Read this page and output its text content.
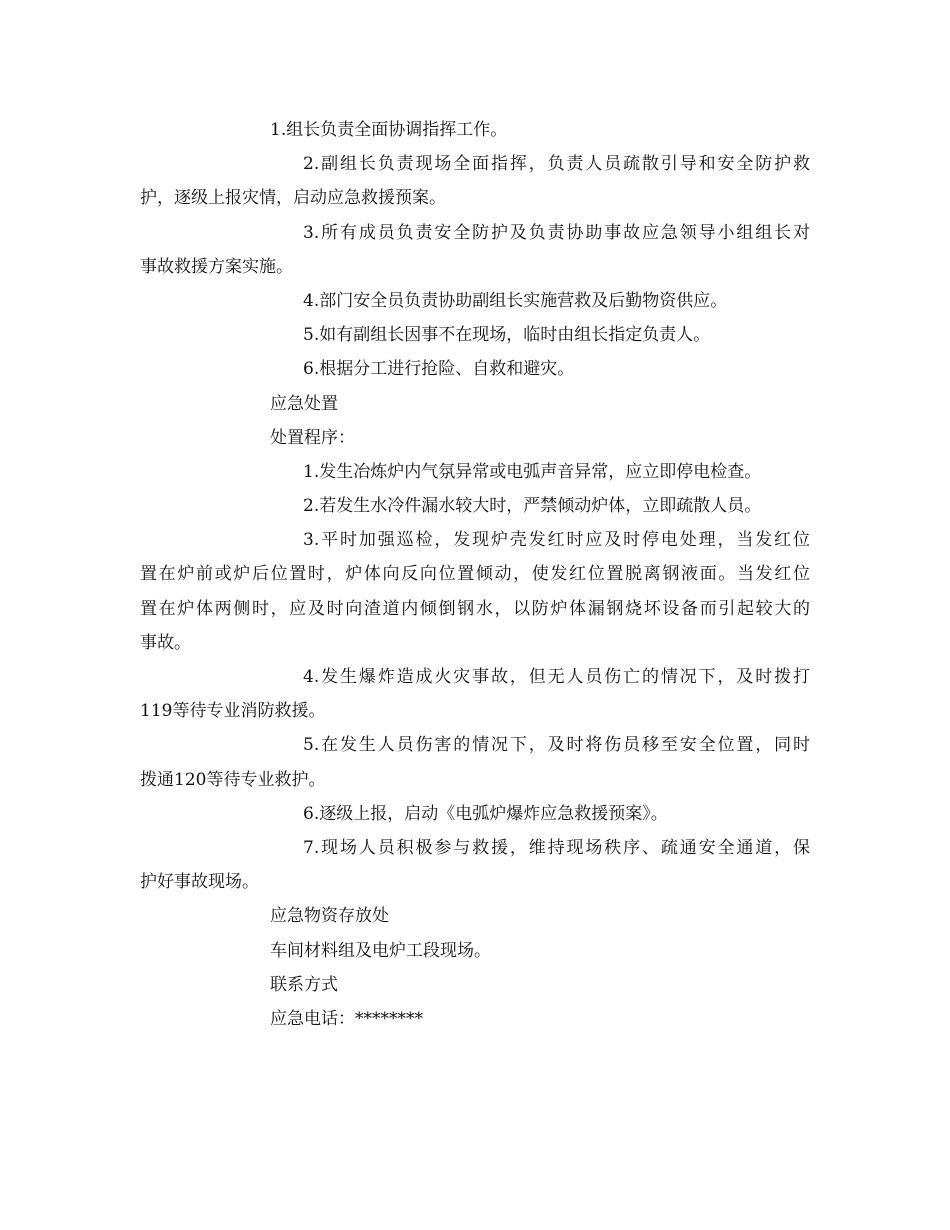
1.组长负责全面协调指挥工作。
2.副组长负责现场全面指挥，负责人员疏散引导和安全防护救
护，逐级上报灾情，启动应急救援预案。
3.所有成员负责安全防护及负责协助事故应急领导小组组长对
事故救援方案实施。
4.部门安全员负责协助副组长实施营救及后勤物资供应。
5.如有副组长因事不在现场，临时由组长指定负责人。
6.根据分工进行抢险、自救和避灾。
应急处置
处置程序：
1.发生冶炼炉内气氛异常或电弧声音异常，应立即停电检查。
2.若发生水冷件漏水较大时，严禁倾动炉体，立即疏散人员。
3.平时加强巡检，发现炉壳发红时应及时停电处理，当发红位
置在炉前或炉后位置时，炉体向反向位置倾动，使发红位置脱离钢液面。当发红位
置在炉体两侧时，应及时向渣道内倾倒钢水，以防炉体漏钢烧坏设备而引起较大的
事故。
4.发生爆炸造成火灾事故，但无人员伤亡的情况下，及时拨打
119等待专业消防救援。
5.在发生人员伤害的情况下，及时将伤员移至安全位置，同时
拨通120等待专业救护。
6.逐级上报，启动《电弧炉爆炸应急救援预案》。
7.现场人员积极参与救援，维持现场秩序、疏通安全通道，保
护好事故现场。
应急物资存放处
车间材料组及电炉工段现场。
联系方式
应急电话：********
